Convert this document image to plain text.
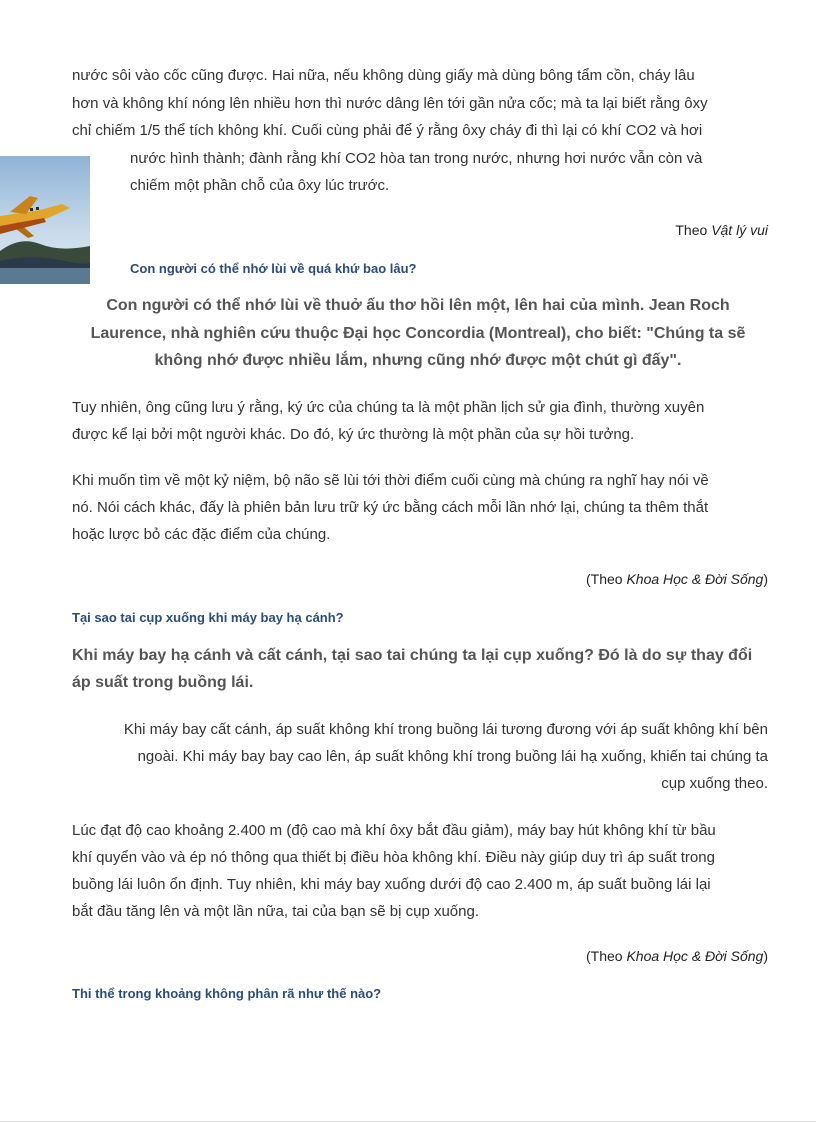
nước sôi vào cốc cũng được. Hai nữa, nếu không dùng giấy mà dùng bông tẩm cồn, cháy lâu

hơn và không khí nóng lên nhiều hơn thì nước dâng lên tới gần nửa cốc; mà ta lại biết rằng ôxy

chỉ chiếm 1/5 thể tích không khí. Cuối cùng phải để ý rằng ôxy cháy đi thì lại có khí CO2 và hơi

nước hình thành; đành rằng khí CO2 hòa tan trong nước, nhưng hơi nước vẫn còn và

chiếm một phần chỗ của ôxy lúc trước.

Theo Vật lý vui
Con người có thể nhớ lùi về quá khứ bao lâu?

Con người có thể nhớ lùi về thuở ấu thơ hồi lên một, lên hai của mình. Jean Roch

Laurence, nhà nghiên cứu thuộc Đại học Concordia (Montreal), cho biết: "Chúng ta sẽ

không nhớ được nhiều lắm, nhưng cũng nhớ được một chút gì đấy".

Tuy nhiên, ông cũng lưu ý rằng, ký ức của chúng ta là một phần lịch sử gia đình, thường xuyên

được kể lại bởi một người khác. Do đó, ký ức thường là một phần của sự hồi tưởng.

Khi muốn tìm về một kỷ niệm, bộ não sẽ lùi tới thời điểm cuối cùng mà chúng ra nghĩ hay nói về

nó. Nói cách khác, đấy là phiên bản lưu trữ ký ức bằng cách mỗi lần nhớ lại, chúng ta thêm thắt

hoặc lược bỏ các đặc điểm của chúng.

(Theo Khoa Học & Đời Sống)
Tại sao tai cụp xuống khi máy bay hạ cánh?

Khi máy bay hạ cánh và cất cánh, tại sao tai chúng ta lại cụp xuống? Đó là do sự thay đổi

áp suất trong buồng lái.

Khi máy bay cất cánh, áp suất không khí trong buồng lái tương đương với áp suất không khí bên

ngoài. Khi máy bay bay cao lên, áp suất không khí trong buồng lái hạ xuống, khiến tai chúng ta

cụp xuống theo.

Lúc đạt độ cao khoảng 2.400 m (độ cao mà khí ôxy bắt đầu giảm), máy bay hút không khí từ bầu

khí quyển vào và ép nó thông qua thiết bị điều hòa không khí. Điều này giúp duy trì áp suất trong

buồng lái luôn ổn định. Tuy nhiên, khi máy bay xuống dưới độ cao 2.400 m, áp suất buồng lái lại

bắt đầu tăng lên và một lần nữa, tai của bạn sẽ bị cụp xuống.

(Theo Khoa Học & Đời Sống)
Thi thể trong khoảng không phân rã như thế nào?
